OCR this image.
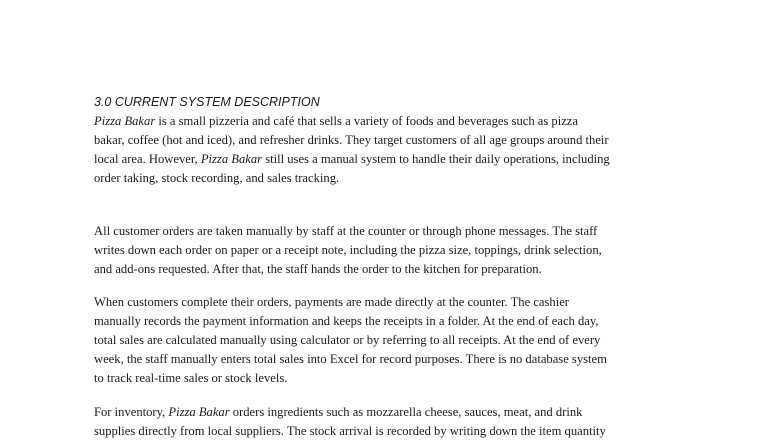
3.0 CURRENT SYSTEM DESCRIPTION
Pizza Bakar is a small pizzeria and café that sells a variety of foods and beverages such as pizza
bakar, coffee (hot and iced), and refresher drinks. They target customers of all age groups around their
local area. However, Pizza Bakar still uses a manual system to handle their daily operations, including
order taking, stock recording, and sales tracking.
All customer orders are taken manually by staff at the counter or through phone messages. The staff
writes down each order on paper or a receipt note, including the pizza size, toppings, drink selection,
and add-ons requested. After that, the staff hands the order to the kitchen for preparation.
When customers complete their orders, payments are made directly at the counter. The cashier
manually records the payment information and keeps the receipts in a folder. At the end of each day,
total sales are calculated manually using calculator or by referring to all receipts. At the end of every
week, the staff manually enters total sales into Excel for record purposes. There is no database system
to track real-time sales or stock levels.
For inventory, Pizza Bakar orders ingredients such as mozzarella cheese, sauces, meat, and drink
supplies directly from local suppliers. The stock arrival is recorded by writing down the item quantity
